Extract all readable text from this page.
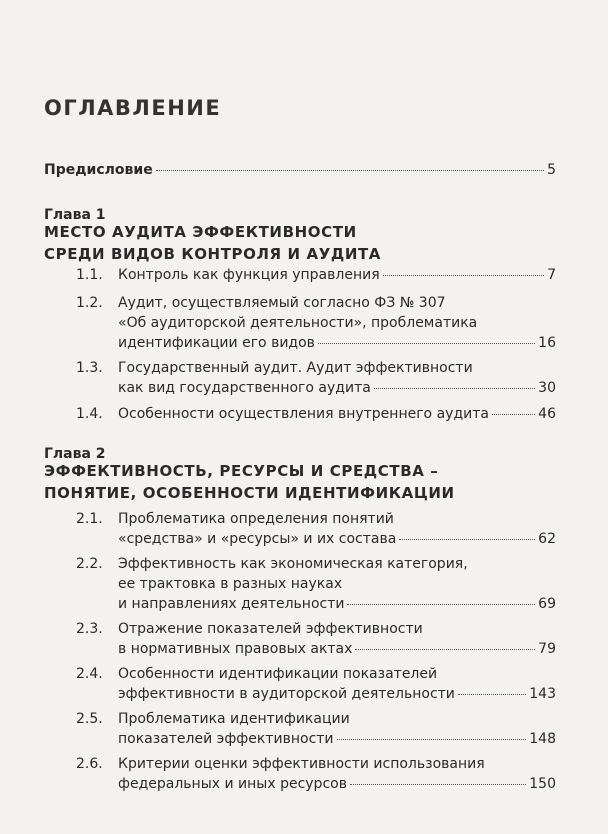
ОГЛАВЛЕНИЕ
Предисловие	5
Глава 1
МЕСТО АУДИТА ЭФФЕКТИВНОСТИ
СРЕДИ ВИДОВ КОНТРОЛЯ И АУДИТА
1.1. Контроль как функция управления	7
1.2. Аудит, осуществляемый согласно ФЗ № 307
«Об аудиторской деятельности», проблематика
идентификации его видов	16
1.3. Государственный аудит. Аудит эффективности
как вид государственного аудита	30
1.4. Особенности осуществления внутреннего аудита	46
Глава 2
ЭФФЕКТИВНОСТЬ, РЕСУРСЫ И СРЕДСТВА –
ПОНЯТИЕ, ОСОБЕННОСТИ ИДЕНТИФИКАЦИИ
2.1. Проблематика определения понятий
«средства» и «ресурсы» и их состава	62
2.2. Эффективность как экономическая категория,
ее трактовка в разных науках
и направлениях деятельности	69
2.3. Отражение показателей эффективности
в нормативных правовых актах	79
2.4. Особенности идентификации показателей
эффективности в аудиторской деятельности	143
2.5. Проблематика идентификации
показателей эффективности	148
2.6. Критерии оценки эффективности использования
федеральных и иных ресурсов	150
